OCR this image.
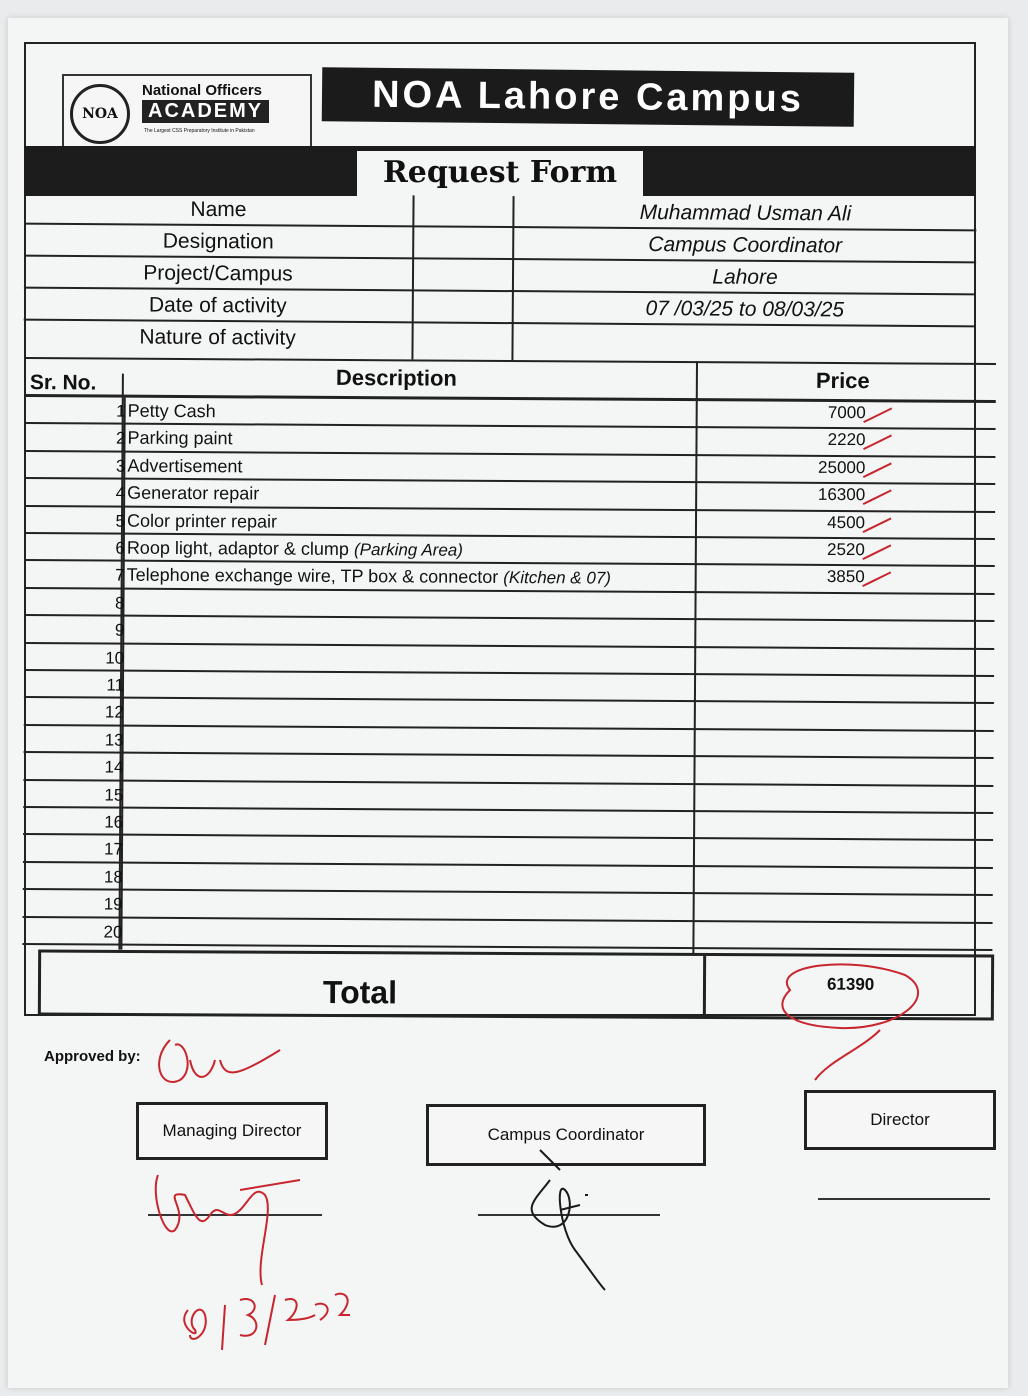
NOA
National Officers
ACADEMY
The Largest CSS Preparatory Institute in Pakistan
NOA Lahore Campus
Request Form
Name	Muhammad Usman Ali
Designation	Campus Coordinator
Project/Campus	Lahore
Date of activity	07 /03/25 to 08/03/25
Nature of activity
Sr. No.	Description	Price
1 Petty Cash	7000
2 Parking paint	2220
3 Advertisement	25000
4 Generator repair	16300
5 Color printer repair	4500
6 Roop light, adaptor & clump (Parking Area)	2520
7 Telephone exchange wire, TP box & connector (Kitchen & 07)	3850
8
9
10
11
12
13
14
15
16
17
18
19
20
Total	61390
Approved by:
Managing Director	Campus Coordinator
Director
